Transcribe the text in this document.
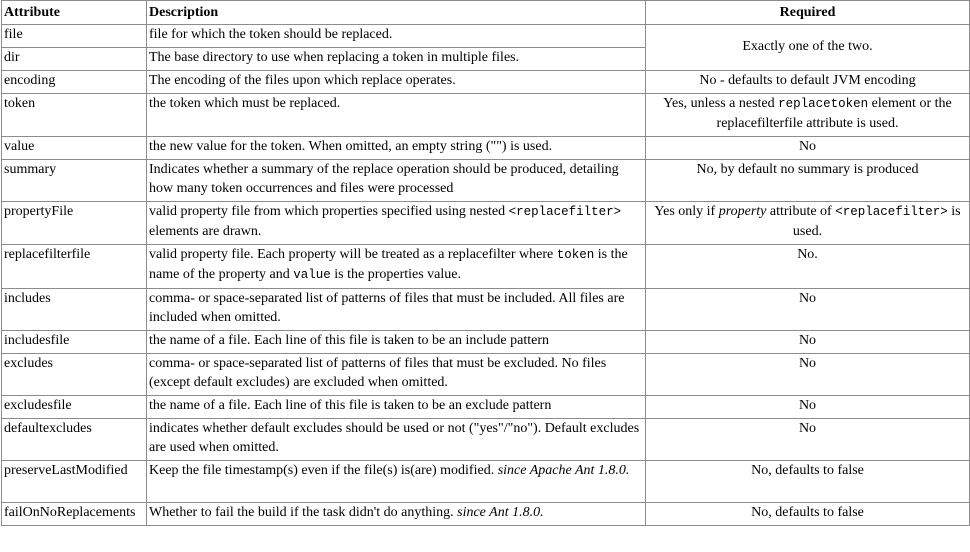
Attribute	Description	Required
file	file for which the token should be replaced.	Exactly one of the two.
dir	The base directory to use when replacing a token in multiple files.	
encoding	The encoding of the files upon which replace operates.	No - defaults to default JVM encoding
token	the token which must be replaced.	Yes, unless a nested replacetoken element or the replacefilterfile attribute is used.
value	the new value for the token. When omitted, an empty string ("") is used.	No
summary	Indicates whether a summary of the replace operation should be produced, detailing how many token occurrences and files were processed	No, by default no summary is produced
propertyFile	valid property file from which properties specified using nested <replacefilter> elements are drawn.	Yes only if property attribute of <replacefilter> is used.
replacefilterfile	valid property file. Each property will be treated as a replacefilter where token is the name of the property and value is the properties value.	No.
includes	comma- or space-separated list of patterns of files that must be included. All files are included when omitted.	No
includesfile	the name of a file. Each line of this file is taken to be an include pattern	No
excludes	comma- or space-separated list of patterns of files that must be excluded. No files (except default excludes) are excluded when omitted.	No
excludesfile	the name of a file. Each line of this file is taken to be an exclude pattern	No
defaultexcludes	indicates whether default excludes should be used or not ("yes"/"no"). Default excludes are used when omitted.	No
preserveLastModified	Keep the file timestamp(s) even if the file(s) is(are) modified. since Apache Ant 1.8.0.	No, defaults to false
failOnNoReplacements	Whether to fail the build if the task didn't do anything. since Ant 1.8.0.	No, defaults to false
